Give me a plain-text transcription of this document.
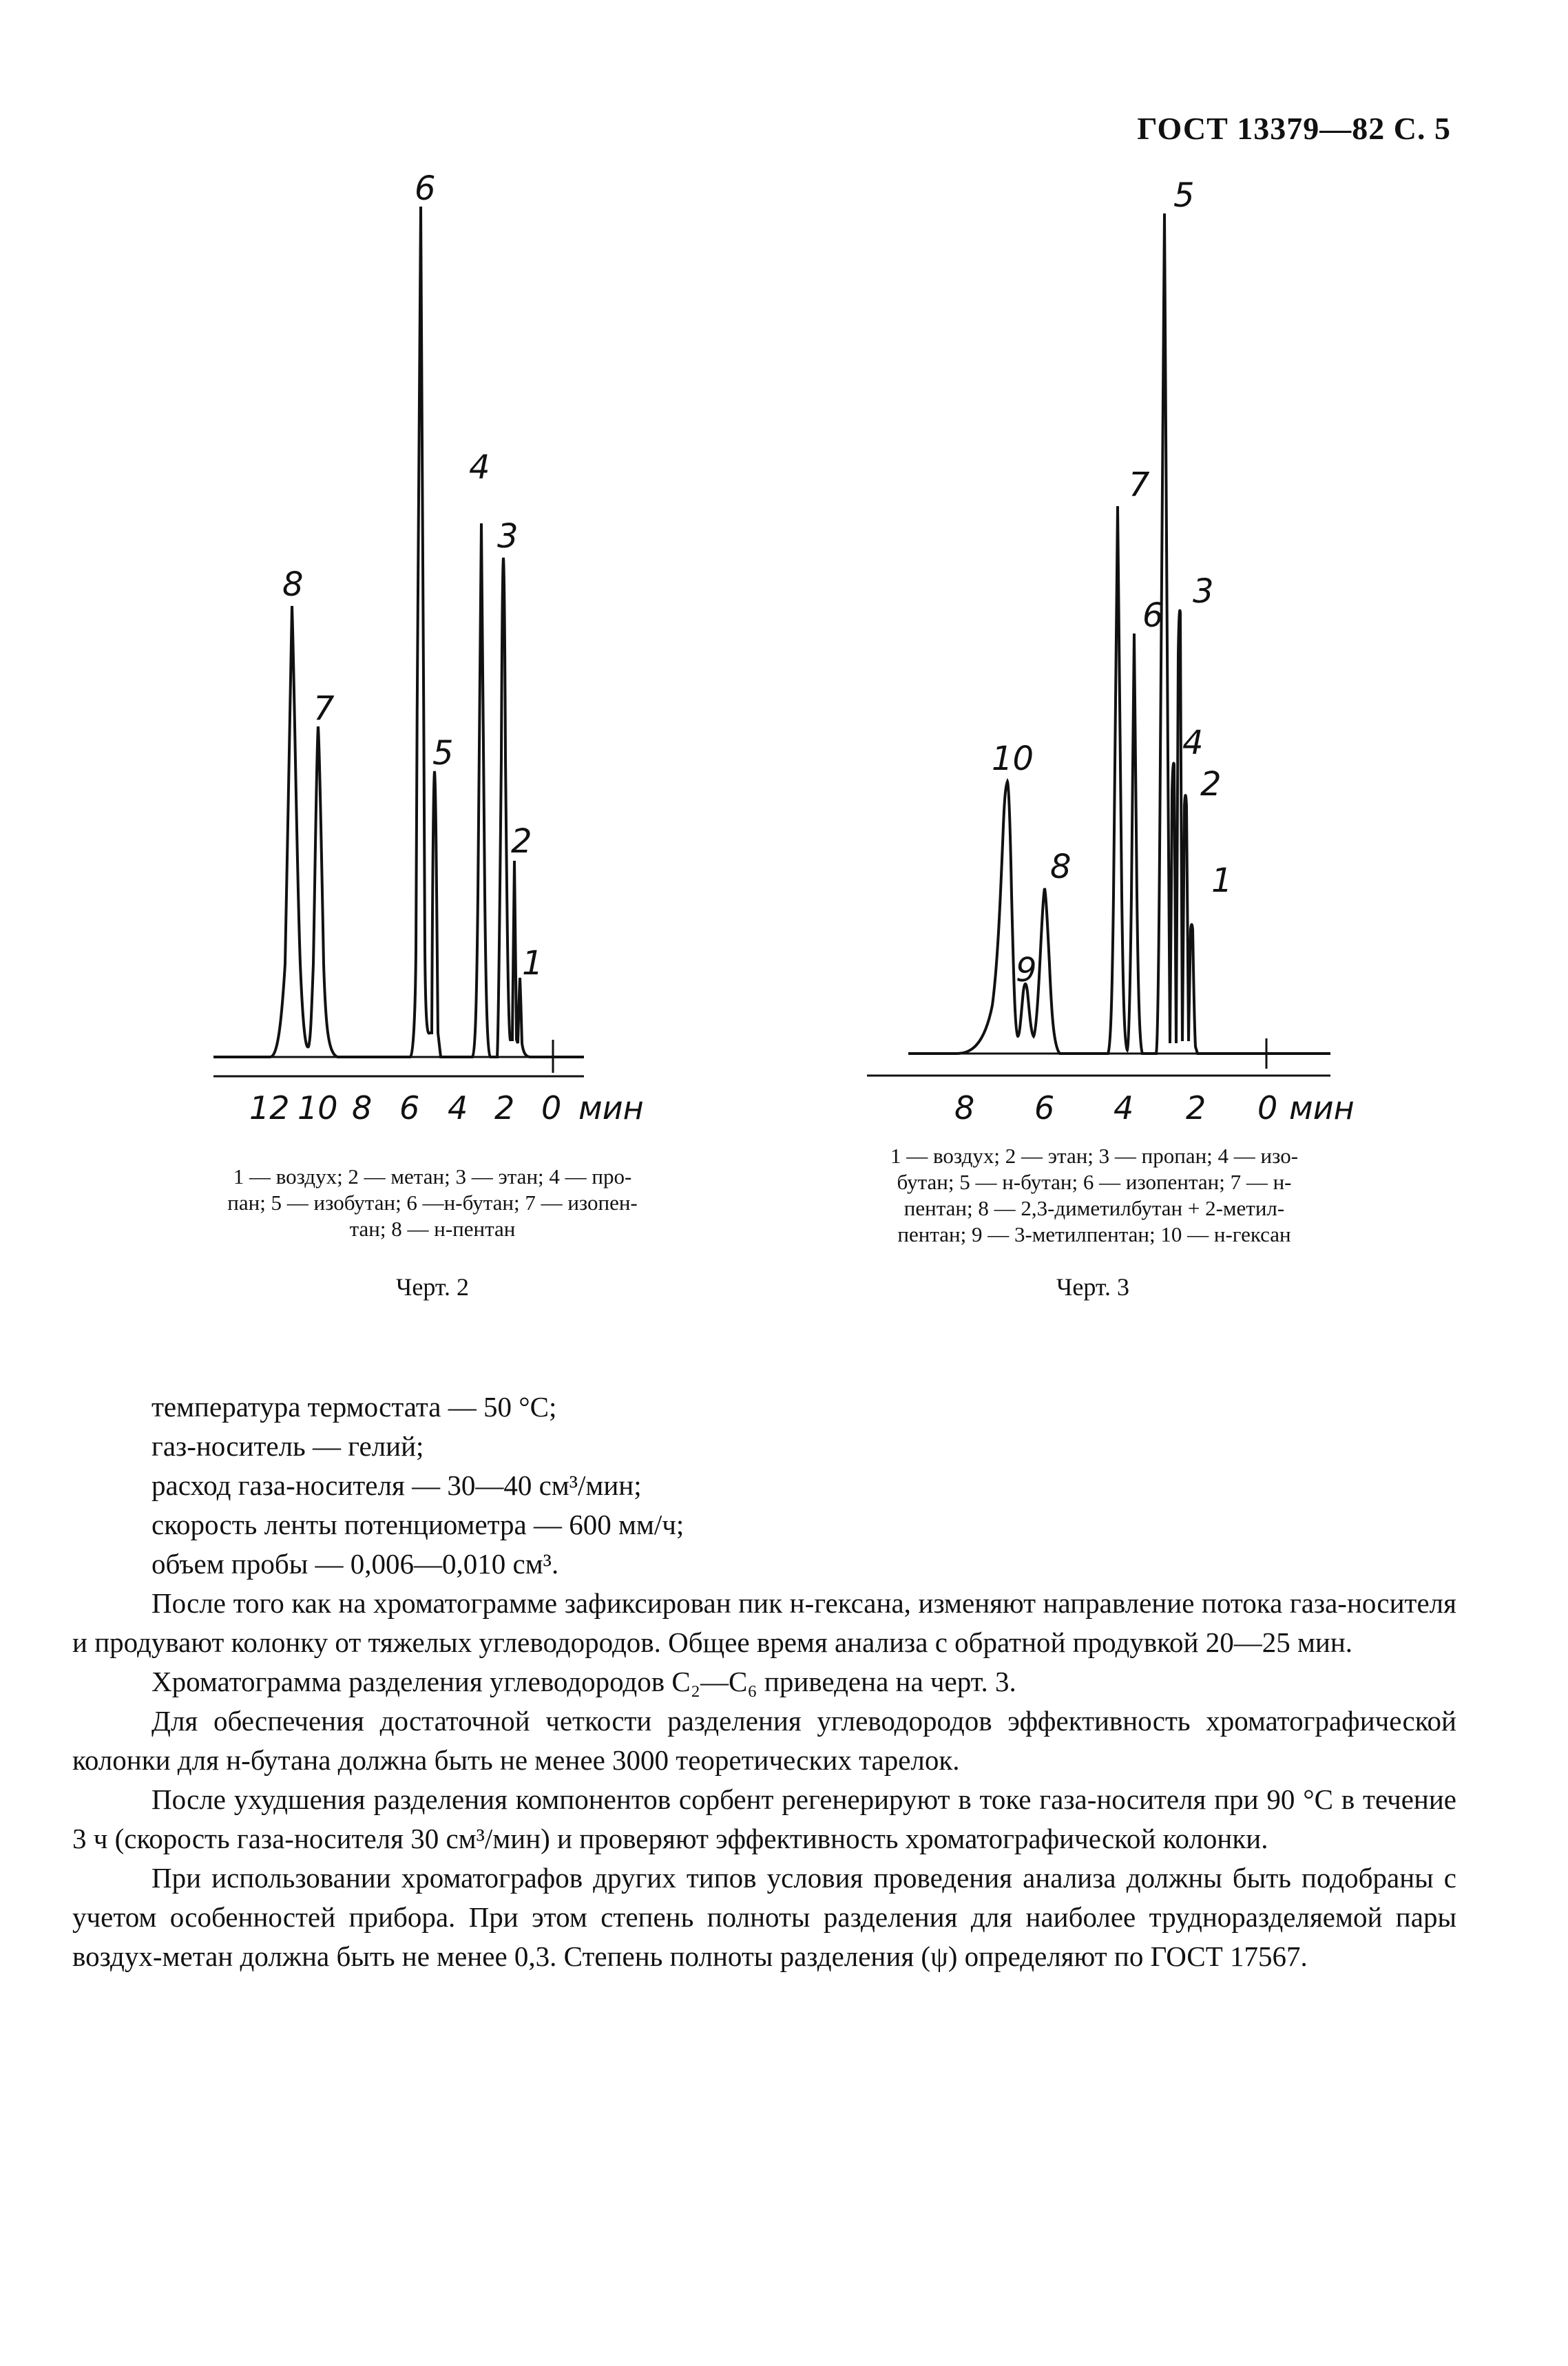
ГОСТ 13379—82 С. 5
12 10 8 6 4 2 0 мин
8
7
6
5
4
3
2
1
1 — воздух; 2 — метан; 3 — этан; 4 — про-
пан; 5 — изобутан; 6 —н-бутан; 7 — изопен-
тан; 8 — н-пентан
Черт. 2
8 6 4 2 0 мин
10
9
8
7
6
5
4
3
2
1
1 — воздух; 2 — этан; 3 — пропан; 4 — изо-
бутан; 5 — н-бутан; 6 — изопентан; 7 — н-
пентан; 8 — 2,3-диметилбутан + 2-метил-
пентан; 9 — 3-метилпентан; 10 — н-гексан
Черт. 3
температура термостата — 50 °С;
газ-носитель — гелий;
расход газа-носителя — 30—40 см³/мин;
скорость ленты потенциометра — 600 мм/ч;
объем пробы — 0,006—0,010 см³.

После того как на хроматограмме зафиксирован пик н-гексана, изменяют направление потока газа-носителя и продувают колонку от тяжелых углеводородов. Общее время анализа с обратной продувкой 20—25 мин.

Хроматограмма разделения углеводородов С₂—С₆ приведена на черт. 3.

Для обеспечения достаточной четкости разделения углеводородов эффективность хроматографической колонки для н-бутана должна быть не менее 3000 теоретических тарелок.

После ухудшения разделения компонентов сорбент регенерируют в токе газа-носителя при 90 °С в течение 3 ч (скорость газа-носителя 30 см³/мин) и проверяют эффективность хроматографической колонки.

При использовании хроматографов других типов условия проведения анализа должны быть подобраны с учетом особенностей прибора. При этом степень полноты разделения для наиболее трудноразделяемой пары воздух-метан должна быть не менее 0,3. Степень полноты разделения (ψ) определяют по ГОСТ 17567.
